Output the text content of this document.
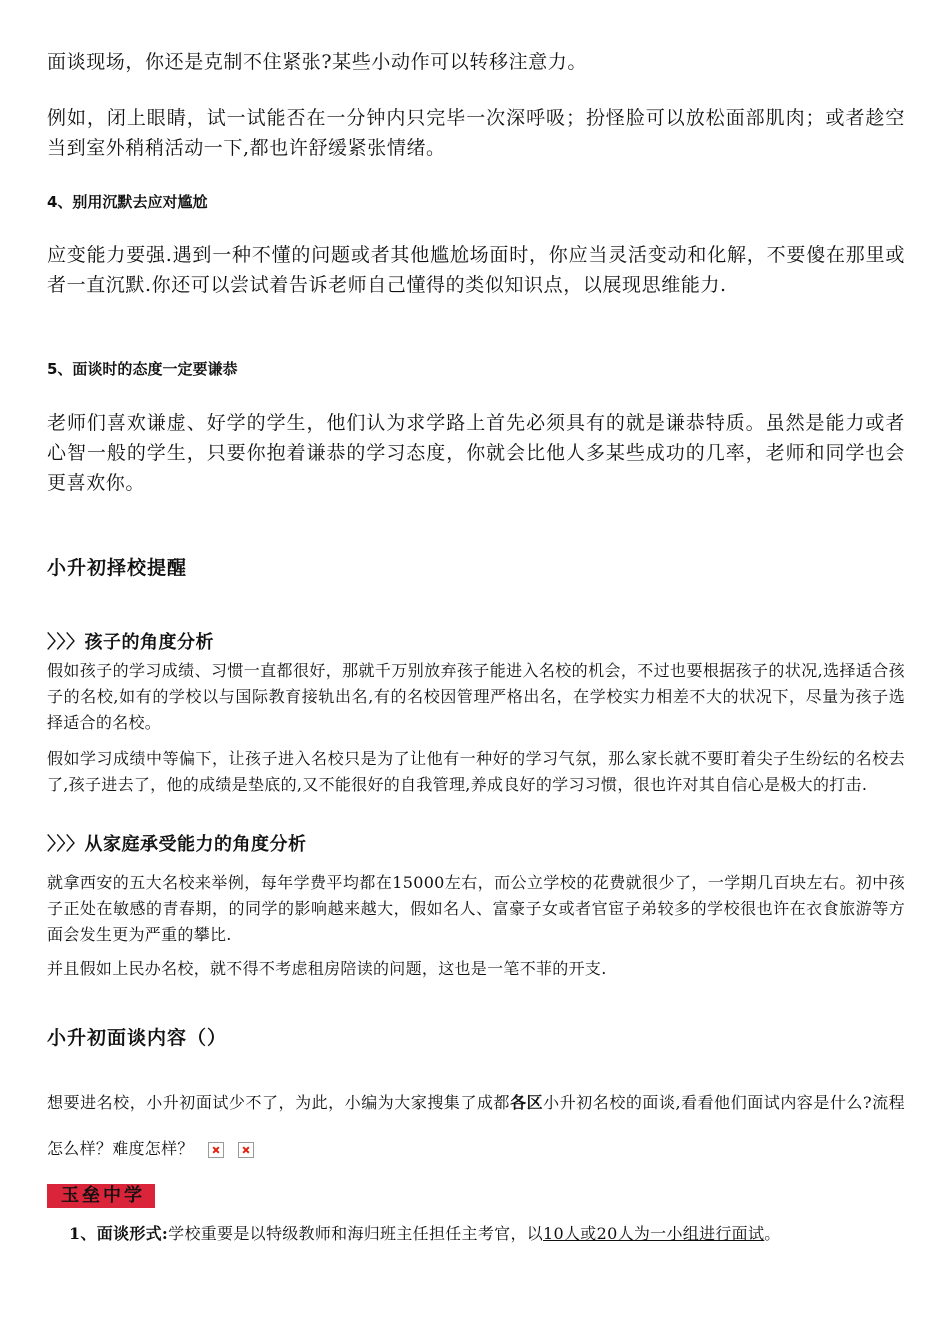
面谈现场，你还是克制不住紧张?某些小动作可以转移注意力。
例如，闭上眼睛，试一试能否在一分钟内只完毕一次深呼吸；扮怪脸可以放松面部肌肉；或者趁空当到室外稍稍活动一下,都也许舒缓紧张情绪。
4、别用沉默去应对尴尬
应变能力要强.遇到一种不懂的问题或者其他尴尬场面时，你应当灵活变动和化解，不要傻在那里或者一直沉默.你还可以尝试着告诉老师自己懂得的类似知识点，以展现思维能力.
5、面谈时的态度一定要谦恭
老师们喜欢谦虚、好学的学生，他们认为求学路上首先必须具有的就是谦恭特质。虽然是能力或者心智一般的学生，只要你抱着谦恭的学习态度，你就会比他人多某些成功的几率，老师和同学也会更喜欢你。
小升初择校提醒
〉〉〉孩子的角度分析
假如孩子的学习成绩、习惯一直都很好，那就千万别放弃孩子能进入名校的机会，不过也要根据孩子的状况,选择适合孩子的名校,如有的学校以与国际教育接轨出名,有的名校因管理严格出名，在学校实力相差不大的状况下，尽量为孩子选择适合的名校。
假如学习成绩中等偏下，让孩子进入名校只是为了让他有一种好的学习气氛，那么家长就不要盯着尖子生纷纭的名校去了,孩子进去了，他的成绩是垫底的,又不能很好的自我管理,养成良好的学习习惯，很也许对其自信心是极大的打击.
〉〉〉从家庭承受能力的角度分析
就拿西安的五大名校来举例，每年学费平均都在15000左右，而公立学校的花费就很少了，一学期几百块左右。初中孩子正处在敏感的青春期，的同学的影响越来越大，假如名人、富豪子女或者官宦子弟较多的学校很也许在衣食旅游等方面会发生更为严重的攀比.
并且假如上民办名校，就不得不考虑租房陪读的问题，这也是一笔不菲的开支.
小升初面谈内容（）
想要进名校，小升初面试少不了，为此，小编为大家搜集了成都各区小升初名校的面谈,看看他们面试内容是什么?流程怎么样？难度怎样？
玉垒中学
1、面谈形式:学校重要是以特级教师和海归班主任担任主考官，以10人或20人为一小组进行面试。
